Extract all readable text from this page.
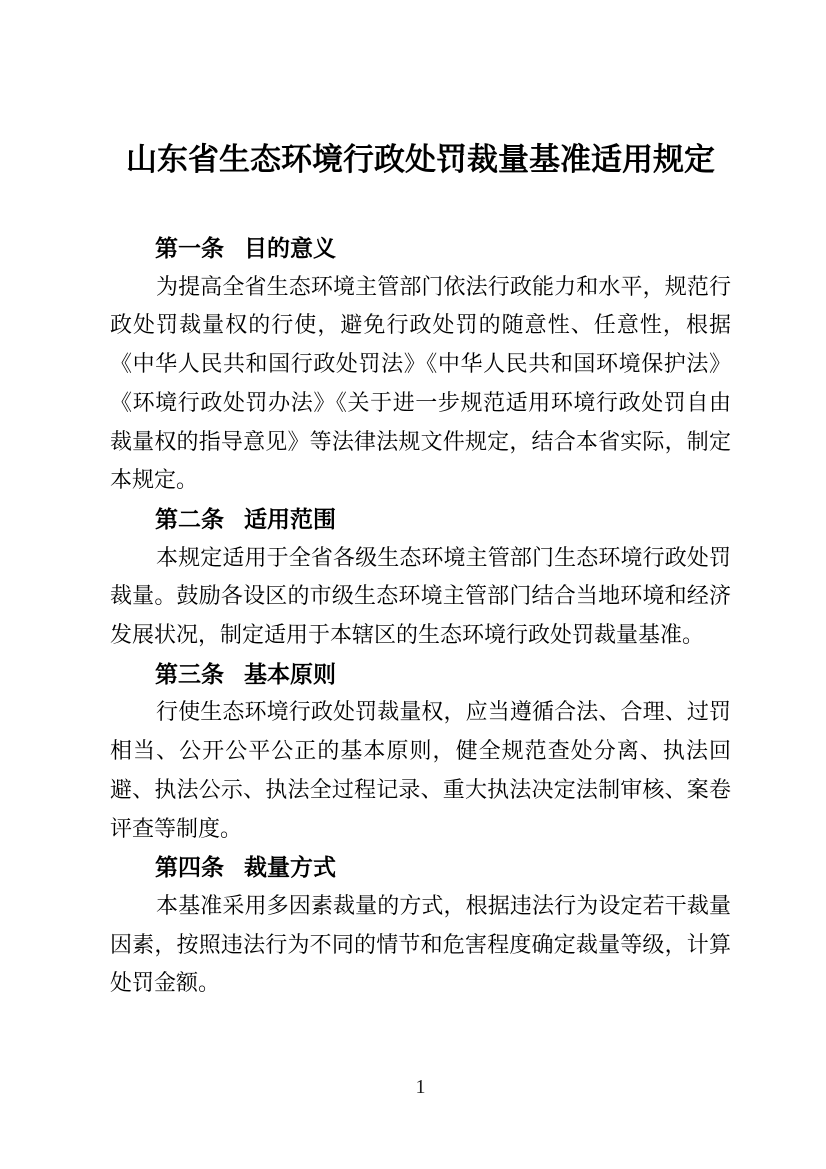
山东省生态环境行政处罚裁量基准适用规定
第一条 目的意义

为提高全省生态环境主管部门依法行政能力和水平，规范行政处罚裁量权的行使，避免行政处罚的随意性、任意性，根据《中华人民共和国行政处罚法》《中华人民共和国环境保护法》《环境行政处罚办法》《关于进一步规范适用环境行政处罚自由裁量权的指导意见》等法律法规文件规定，结合本省实际，制定本规定。

第二条 适用范围

本规定适用于全省各级生态环境主管部门生态环境行政处罚裁量。鼓励各设区的市级生态环境主管部门结合当地环境和经济发展状况，制定适用于本辖区的生态环境行政处罚裁量基准。

第三条 基本原则

行使生态环境行政处罚裁量权，应当遵循合法、合理、过罚相当、公开公平公正的基本原则，健全规范查处分离、执法回避、执法公示、执法全过程记录、重大执法决定法制审核、案卷评查等制度。

第四条 裁量方式

本基准采用多因素裁量的方式，根据违法行为设定若干裁量因素，按照违法行为不同的情节和危害程度确定裁量等级，计算处罚金额。

1
